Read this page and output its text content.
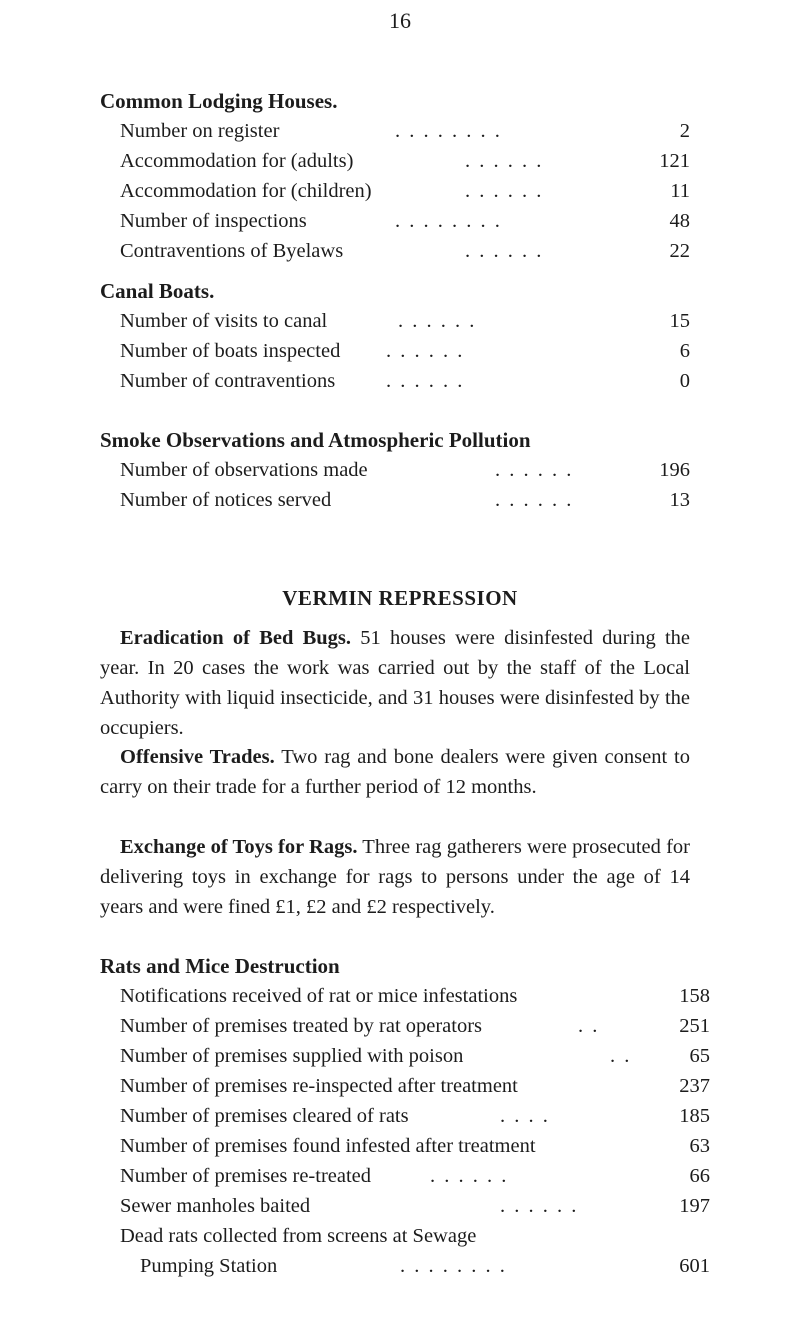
16
Common Lodging Houses.
Number on register	. . . . . . . .	2
Accommodation for (adults)	. . . . . .	121
Accommodation for (children)	. . . . . .	11
Number of inspections	. . . . . . . .	48
Contraventions of Byelaws	. . . . . .	22
Canal Boats.
Number of visits to canal	. . . . . .	15
Number of boats inspected . . . . . .	6
Number of contraventions . . . . . .	0
Smoke Observations and Atmospheric Pollution
Number of observations made	. . . . . .	196
Number of notices served	. . . . . .	13
VERMIN REPRESSION

Eradication of Bed Bugs. 51 houses were disinfested during the year. In 20 cases the work was carried out by the staff of the Local Authority with liquid insecticide, and 31 houses were disinfested by the occupiers.

Offensive Trades. Two rag and bone dealers were given consent to carry on their trade for a further period of 12 months.

Exchange of Toys for Rags. Three rag gatherers were prosecuted for delivering toys in exchange for rags to persons under the age of 14 years and were fined £1, £2 and £2 respectively.

Rats and Mice Destruction
Notifications received of rat or mice infestations	158
Number of premises treated by rat operators	. .	251
Number of premises supplied with poison	. .	65
Number of premises re-inspected after treatment	237
Number of premises cleared of rats	. . . .	185
Number of premises found infested after treatment	63
Number of premises re-treated	. . . . . .	66
Sewer manholes baited	. . . . . .	197
Dead rats collected from screens at Sewage
Pumping Station	. . . . . . . .	601
